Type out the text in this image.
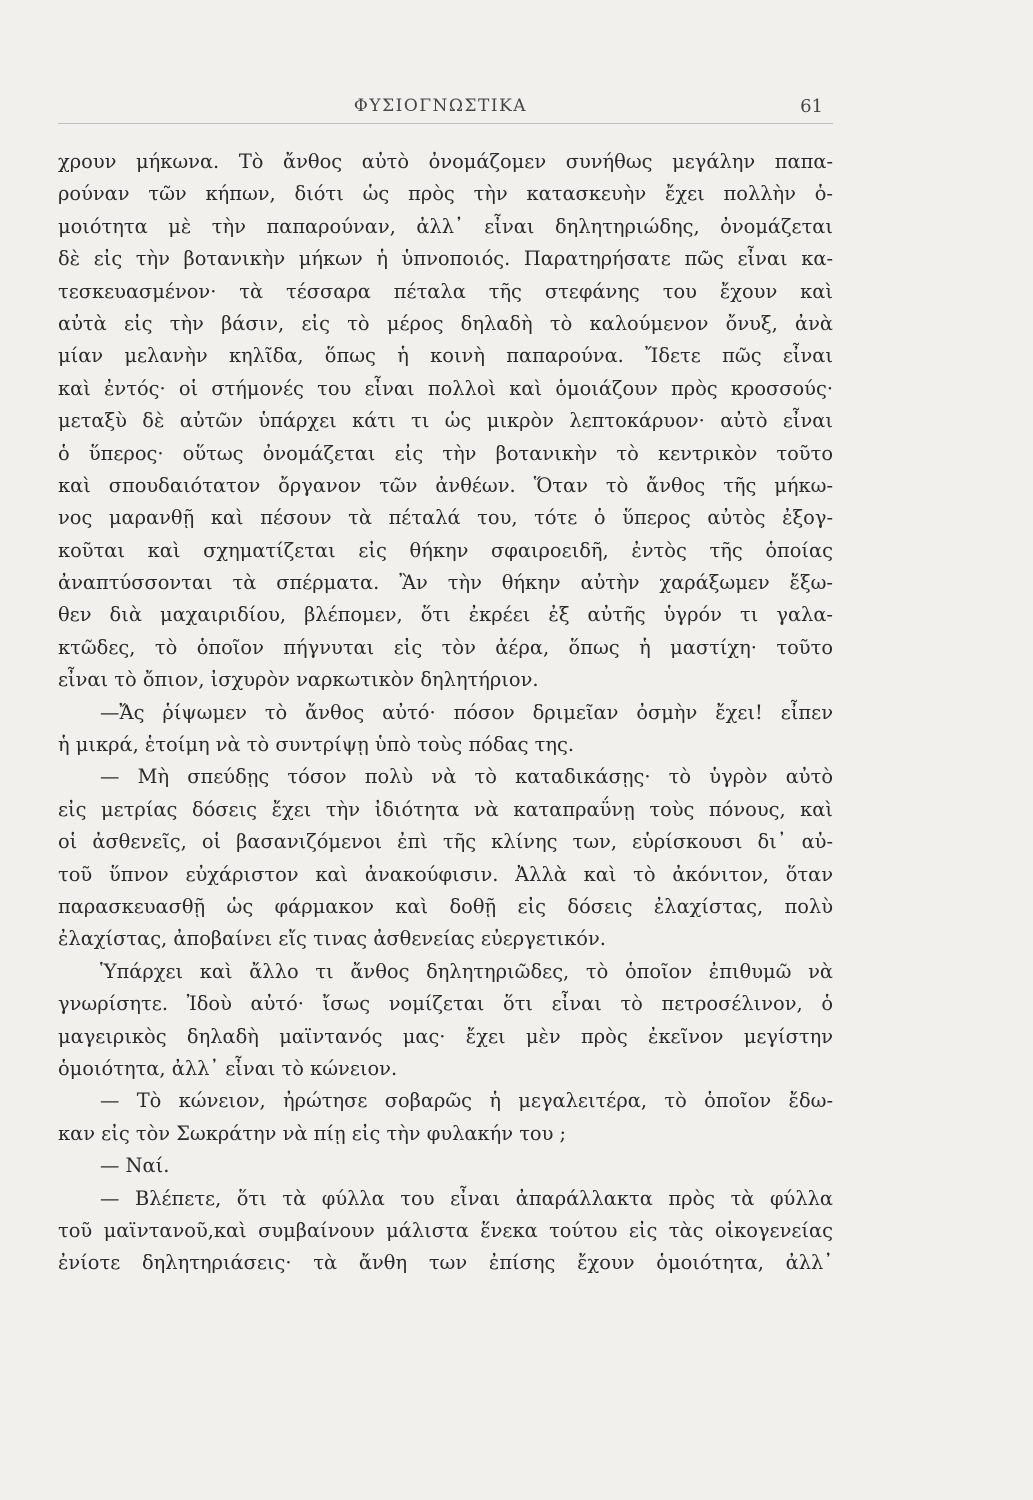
ΦΥΣΙΟΓΝΩΣΤΙΚΑ	61
χρουν μήκωνα. Τὸ ἄνθος αὐτὸ ὀνομάζομεν συνήθως μεγάλην παπα-
ρούναν τῶν κήπων, διότι ὡς πρὸς τὴν κατασκευὴν ἔχει πολλὴν ὁ-
μοιότητα μὲ τὴν παπαρούναν, ἀλλ᾽ εἶναι δηλητηριώδης, ὀνομάζεται
δὲ εἰς τὴν βοτανικὴν μήκων ἡ ὑπνοποιός. Παρατηρήσατε πῶς εἶναι κα-
τεσκευασμένον· τὰ τέσσαρα πέταλα τῆς στεφάνης του ἔχουν καὶ
αὐτὰ εἰς τὴν βάσιν, εἰς τὸ μέρος δηλαδὴ τὸ καλούμενον ὄνυξ, ἀνὰ
μίαν μελανὴν κηλῖδα, ὅπως ἡ κοινὴ παπαρούνα. Ἴδετε πῶς εἶναι
καὶ ἐντός· οἱ στήμονές του εἶναι πολλοὶ καὶ ὁμοιάζουν πρὸς κροσσούς·
μεταξὺ δὲ αὐτῶν ὑπάρχει κάτι τι ὡς μικρὸν λεπτοκάρυον· αὐτὸ εἶναι
ὁ ὕπερος· οὕτως ὀνομάζεται εἰς τὴν βοτανικὴν τὸ κεντρικὸν τοῦτο
καὶ σπουδαιότατον ὄργανον τῶν ἀνθέων. Ὅταν τὸ ἄνθος τῆς μήκω-
νος μαρανθῇ καὶ πέσουν τὰ πέταλά του, τότε ὁ ὕπερος αὐτὸς ἐξογ-
κοῦται καὶ σχηματίζεται εἰς θήκην σφαιροειδῆ, ἐντὸς τῆς ὁποίας
ἀναπτύσσονται τὰ σπέρματα. Ἂν τὴν θήκην αὐτὴν χαράξωμεν ἔξω-
θεν διὰ μαχαιριδίου, βλέπομεν, ὅτι ἐκρέει ἐξ αὐτῆς ὑγρόν τι γαλα-
κτῶδες, τὸ ὁποῖον πήγνυται εἰς τὸν ἀέρα, ὅπως ἡ μαστίχη· τοῦτο
εἶναι τὸ ὄπιον, ἰσχυρὸν ναρκωτικὸν δηλητήριον.
—Ἄς ῥίψωμεν τὸ ἄνθος αὐτό· πόσον δριμεῖαν ὀσμὴν ἔχει! εἶπεν
ἡ μικρά, ἑτοίμη νὰ τὸ συντρίψῃ ὑπὸ τοὺς πόδας της.
— Μὴ σπεύδῃς τόσον πολὺ νὰ τὸ καταδικάσῃς· τὸ ὑγρὸν αὐτὸ
εἰς μετρίας δόσεις ἔχει τὴν ἰδιότητα νὰ καταπραΰνῃ τοὺς πόνους, καὶ
οἱ ἀσθενεῖς, οἱ βασανιζόμενοι ἐπὶ τῆς κλίνης των, εὑρίσκουσι δι᾽ αὐ-
τοῦ ὕπνον εὐχάριστον καὶ ἀνακούφισιν. Ἀλλὰ καὶ τὸ ἀκόνιτον, ὅταν
παρασκευασθῇ ὡς φάρμακον καὶ δοθῇ εἰς δόσεις ἐλαχίστας, πολὺ
ἐλαχίστας, ἀποβαίνει εἴς τινας ἀσθενείας εὐεργετικόν.
Ὑπάρχει καὶ ἄλλο τι ἄνθος δηλητηριῶδες, τὸ ὁποῖον ἐπιθυμῶ νὰ
γνωρίσητε. Ἰδοὺ αὐτό· ἴσως νομίζεται ὅτι εἶναι τὸ πετροσέλινον, ὁ
μαγειρικὸς δηλαδὴ μαϊντανός μας· ἔχει μὲν πρὸς ἐκεῖνον μεγίστην
ὁμοιότητα, ἀλλ᾽ εἶναι τὸ κώνειον.
— Τὸ κώνειον, ἠρώτησε σοβαρῶς ἡ μεγαλειτέρα, τὸ ὁποῖον ἔδω-
καν εἰς τὸν Σωκράτην νὰ πίῃ εἰς τὴν φυλακήν του ;
— Ναί.
— Βλέπετε, ὅτι τὰ φύλλα του εἶναι ἀπαράλλακτα πρὸς τὰ φύλλα
τοῦ μαϊντανοῦ,καὶ συμβαίνουν μάλιστα ἕνεκα τούτου εἰς τὰς οἰκογενείας
ἐνίοτε δηλητηριάσεις· τὰ ἄνθη των ἐπίσης ἔχουν ὁμοιότητα, ἀλλ᾽
